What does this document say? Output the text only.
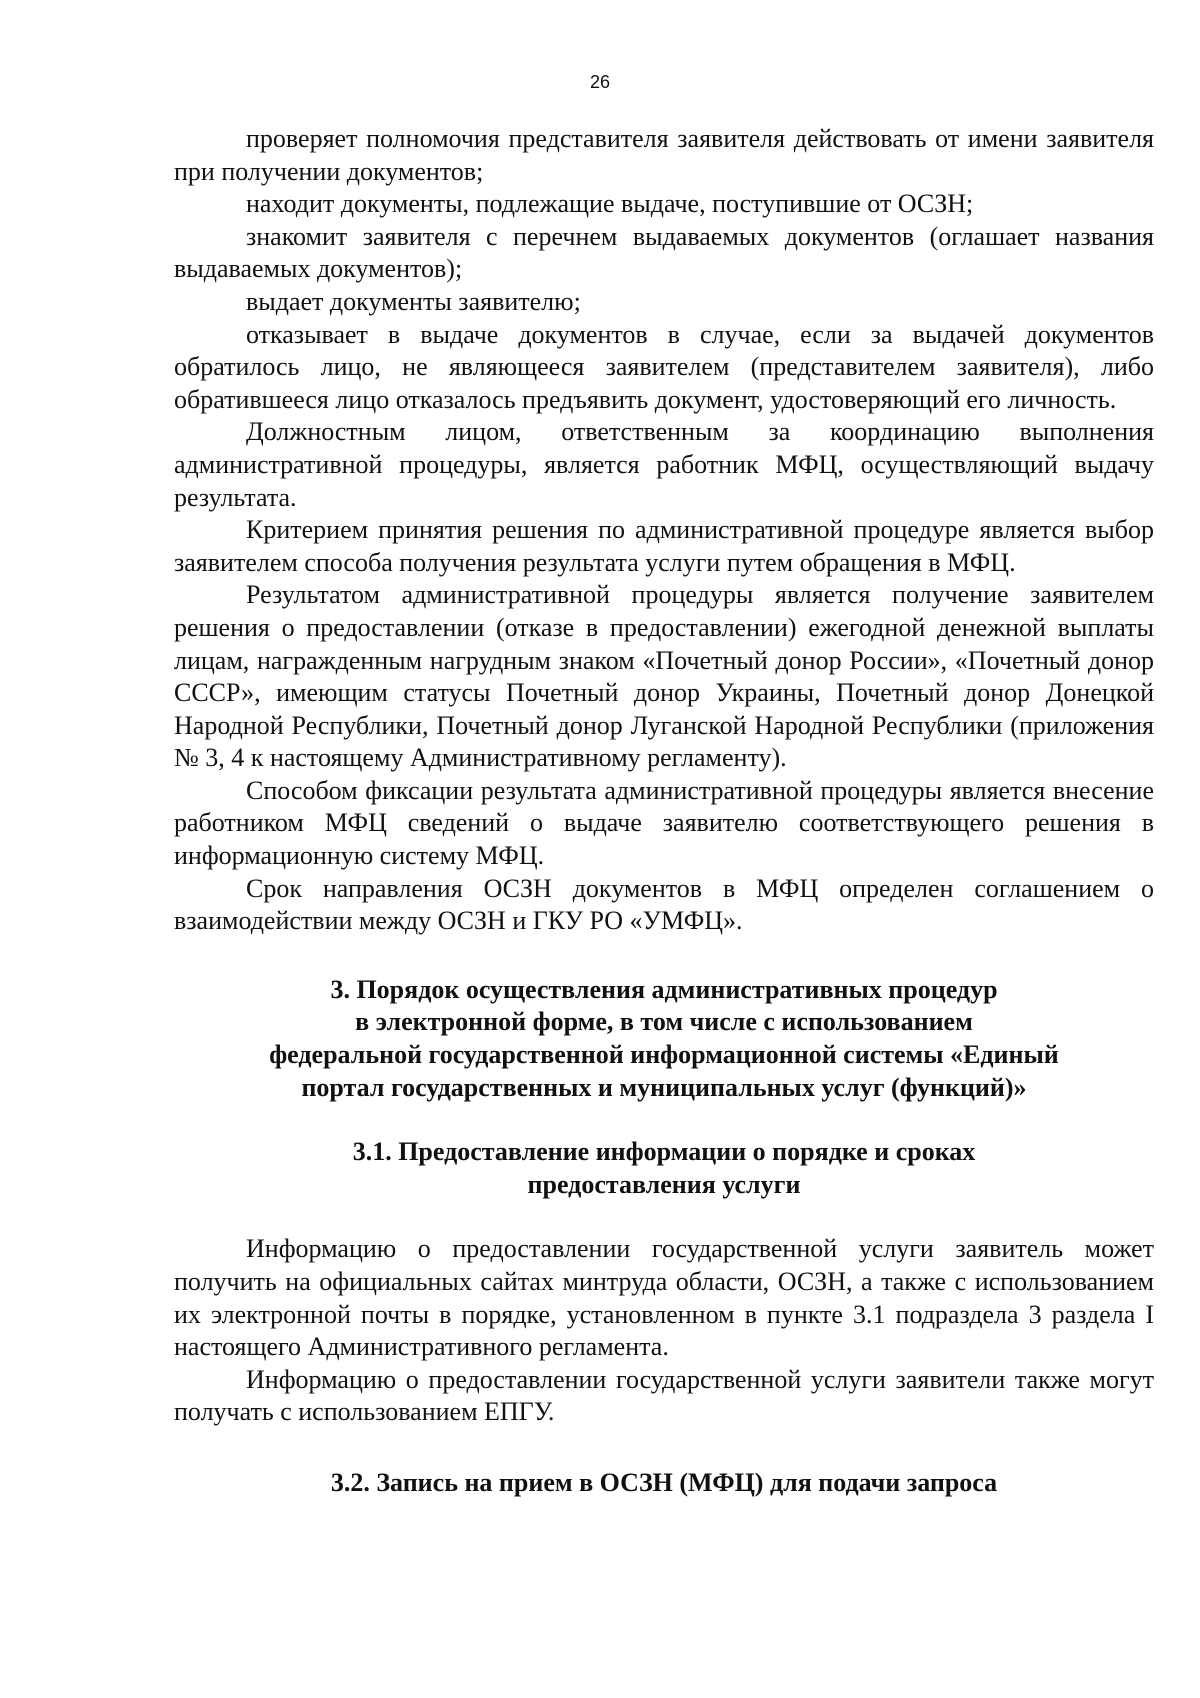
26

проверяет полномочия представителя заявителя действовать от имени заявителя при получении документов;

находит документы, подлежащие выдаче, поступившие от ОСЗН;

знакомит заявителя с перечнем выдаваемых документов (оглашает названия выдаваемых документов);

выдает документы заявителю;

отказывает в выдаче документов в случае, если за выдачей документов обратилось лицо, не являющееся заявителем (представителем заявителя), либо обратившееся лицо отказалось предъявить документ, удостоверяющий его личность.

Должностным лицом, ответственным за координацию выполнения административной процедуры, является работник МФЦ, осуществляющий выдачу результата.

Критерием принятия решения по административной процедуре является выбор заявителем способа получения результата услуги путем обращения в МФЦ.

Результатом административной процедуры является получение заявителем решения о предоставлении (отказе в предоставлении) ежегодной денежной выплаты лицам, награжденным нагрудным знаком «Почетный донор России», «Почетный донор СССР», имеющим статусы Почетный донор Украины, Почетный донор Донецкой Народной Республики, Почетный донор Луганской Народной Республики (приложения № 3, 4 к настоящему Административному регламенту).

Способом фиксации результата административной процедуры является внесение работником МФЦ сведений о выдаче заявителю соответствующего решения в информационную систему МФЦ.

Срок направления ОСЗН документов в МФЦ определен соглашением о взаимодействии между ОСЗН и ГКУ РО «УМФЦ».

3. Порядок осуществления административных процедур

в электронной форме, в том числе с использованием

федеральной государственной информационной системы «Единый

портал государственных и муниципальных услуг (функций)»

3.1. Предоставление информации о порядке и сроках

предоставления услуги

Информацию о предоставлении государственной услуги заявитель может получить на официальных сайтах минтруда области, ОСЗН, а также с использованием их электронной почты в порядке, установленном в пункте 3.1 подраздела 3 раздела I настоящего Административного регламента.

Информацию о предоставлении государственной услуги заявители также могут получать с использованием ЕПГУ.

3.2. Запись на прием в ОСЗН (МФЦ) для подачи запроса
